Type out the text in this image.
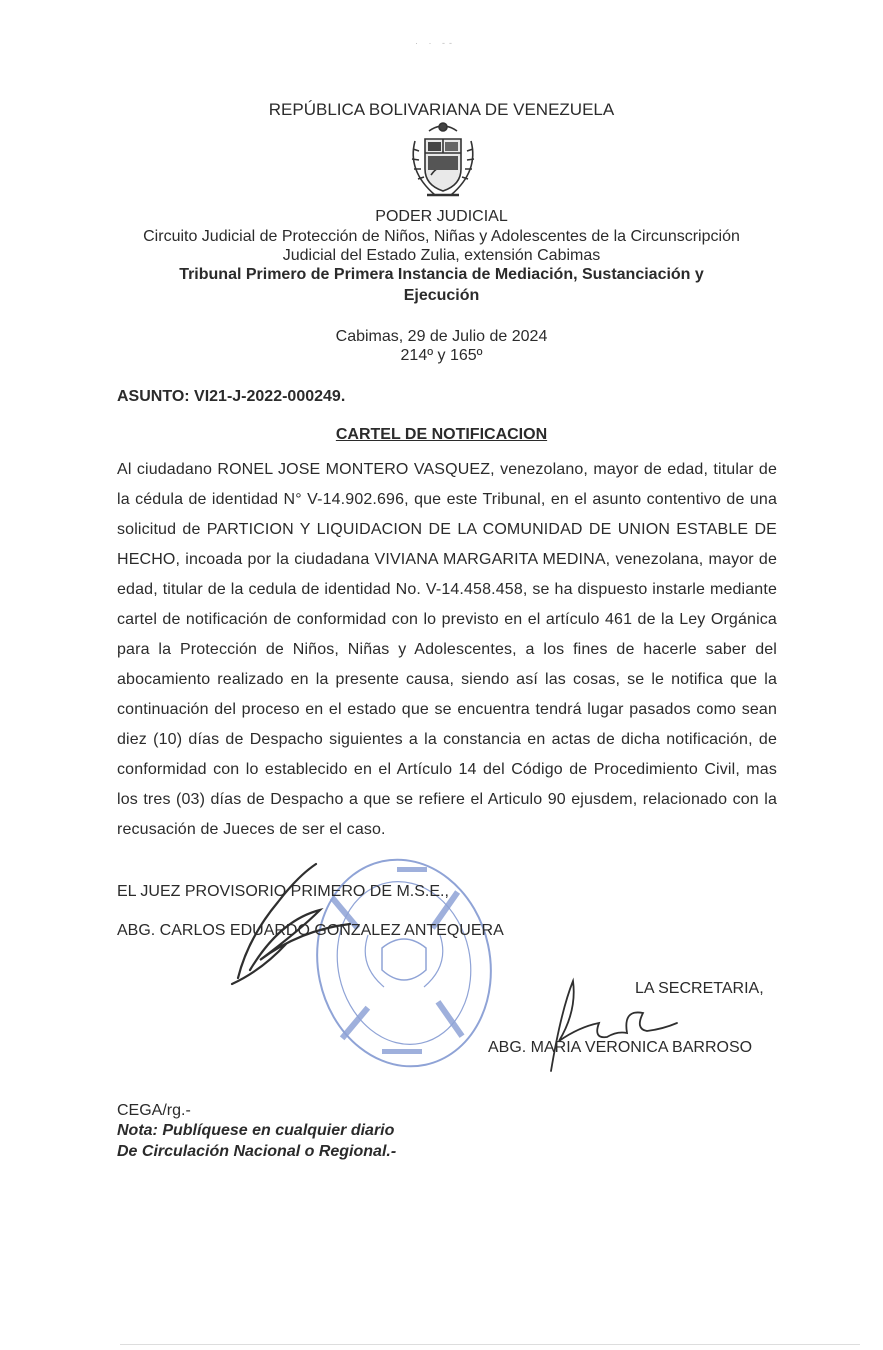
· · -‐
REPÚBLICA BOLIVARIANA DE VENEZUELA
PODER JUDICIAL
Circuito Judicial de Protección de Niños, Niñas y Adolescentes de la Circunscripción
Judicial del Estado Zulia, extensión Cabimas
Tribunal Primero de Primera Instancia de Mediación, Sustanciación y
Ejecución
Cabimas, 29 de Julio de 2024
214º y 165º
ASUNTO: VI21-J-2022-000249.
CARTEL DE NOTIFICACION
Al ciudadano RONEL JOSE MONTERO VASQUEZ, venezolano, mayor de edad, titular de la cédula de identidad N° V-14.902.696, que este Tribunal, en el asunto contentivo de una solicitud de PARTICION Y LIQUIDACION DE LA COMUNIDAD DE UNION ESTABLE DE HECHO, incoada por la ciudadana VIVIANA MARGARITA MEDINA, venezolana, mayor de edad, titular de la cedula de identidad No. V-14.458.458, se ha dispuesto instarle mediante cartel de notificación de conformidad con lo previsto en el artículo 461 de la Ley Orgánica para la Protección de Niños, Niñas y Adolescentes, a los fines de hacerle saber del abocamiento realizado en la presente causa, siendo así las cosas, se le notifica que la continuación del proceso en el estado que se encuentra tendrá lugar pasados como sean diez (10) días de Despacho siguientes a la constancia en actas de dicha notificación, de conformidad con lo establecido en el Artículo 14 del Código de Procedimiento Civil, mas los tres (03) días de Despacho a que se refiere el Articulo 90 ejusdem, relacionado con la recusación de Jueces de ser el caso.
EL JUEZ PROVISORIO PRIMERO DE M.S.E.,
ABG. CARLOS EDUARDO GONZALEZ ANTEQUERA
LA SECRETARIA,
ABG. MARIA VERONICA BARROSO
CEGA/rg.-
Nota: Publíquese en cualquier diario
De Circulación Nacional o Regional.-
